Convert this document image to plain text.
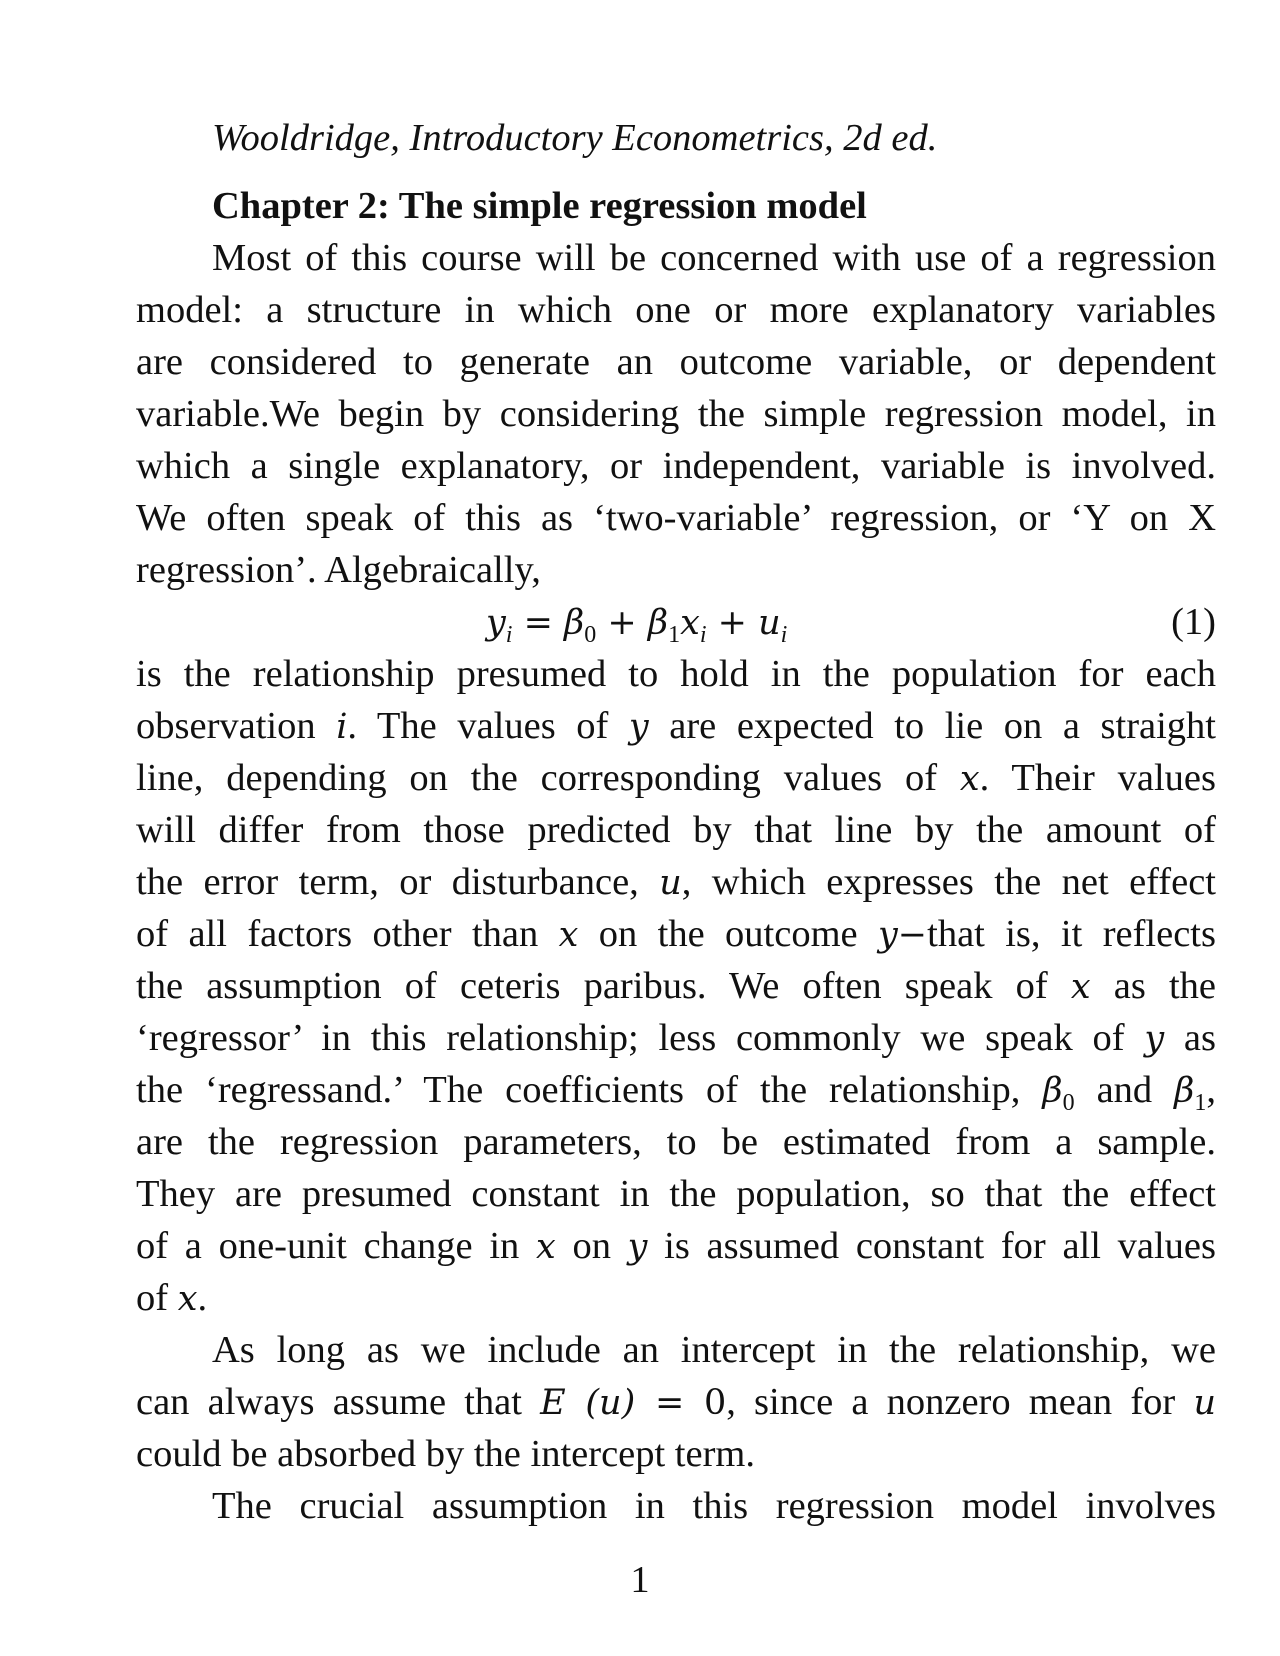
Wooldridge, Introductory Econometrics, 2d ed.
Chapter 2: The simple regression model
Most of this course will be concerned with use of a regression
model: a structure in which one or more explanatory variables
are considered to generate an outcome variable, or dependent
variable.We begin by considering the simple regression model, in
which a single explanatory, or independent, variable is involved.
We often speak of this as ‘two-variable’ regression, or ‘Y on X
regression’. Algebraically,
$y_i = \beta_0 + \beta_1x_i + u_i$	(1)
is the relationship presumed to hold in the population for each
observation i. The values of y are expected to lie on a straight
line, depending on the corresponding values of x. Their values
will differ from those predicted by that line by the amount of
the error term, or disturbance, u, which expresses the net effect
of all factors other than x on the outcome y−that is, it reflects
the assumption of ceteris paribus. We often speak of x as the
‘regressor’ in this relationship; less commonly we speak of y as
the ‘regressand.’ The coefficients of the relationship, $\beta_0$ and $\beta_1$,
are the regression parameters, to be estimated from a sample.
They are presumed constant in the population, so that the effect
of a one-unit change in x on y is assumed constant for all values
of x.
As long as we include an intercept in the relationship, we
can always assume that E (u) = 0, since a nonzero mean for u
could be absorbed by the intercept term.
The crucial assumption in this regression model involves
1
